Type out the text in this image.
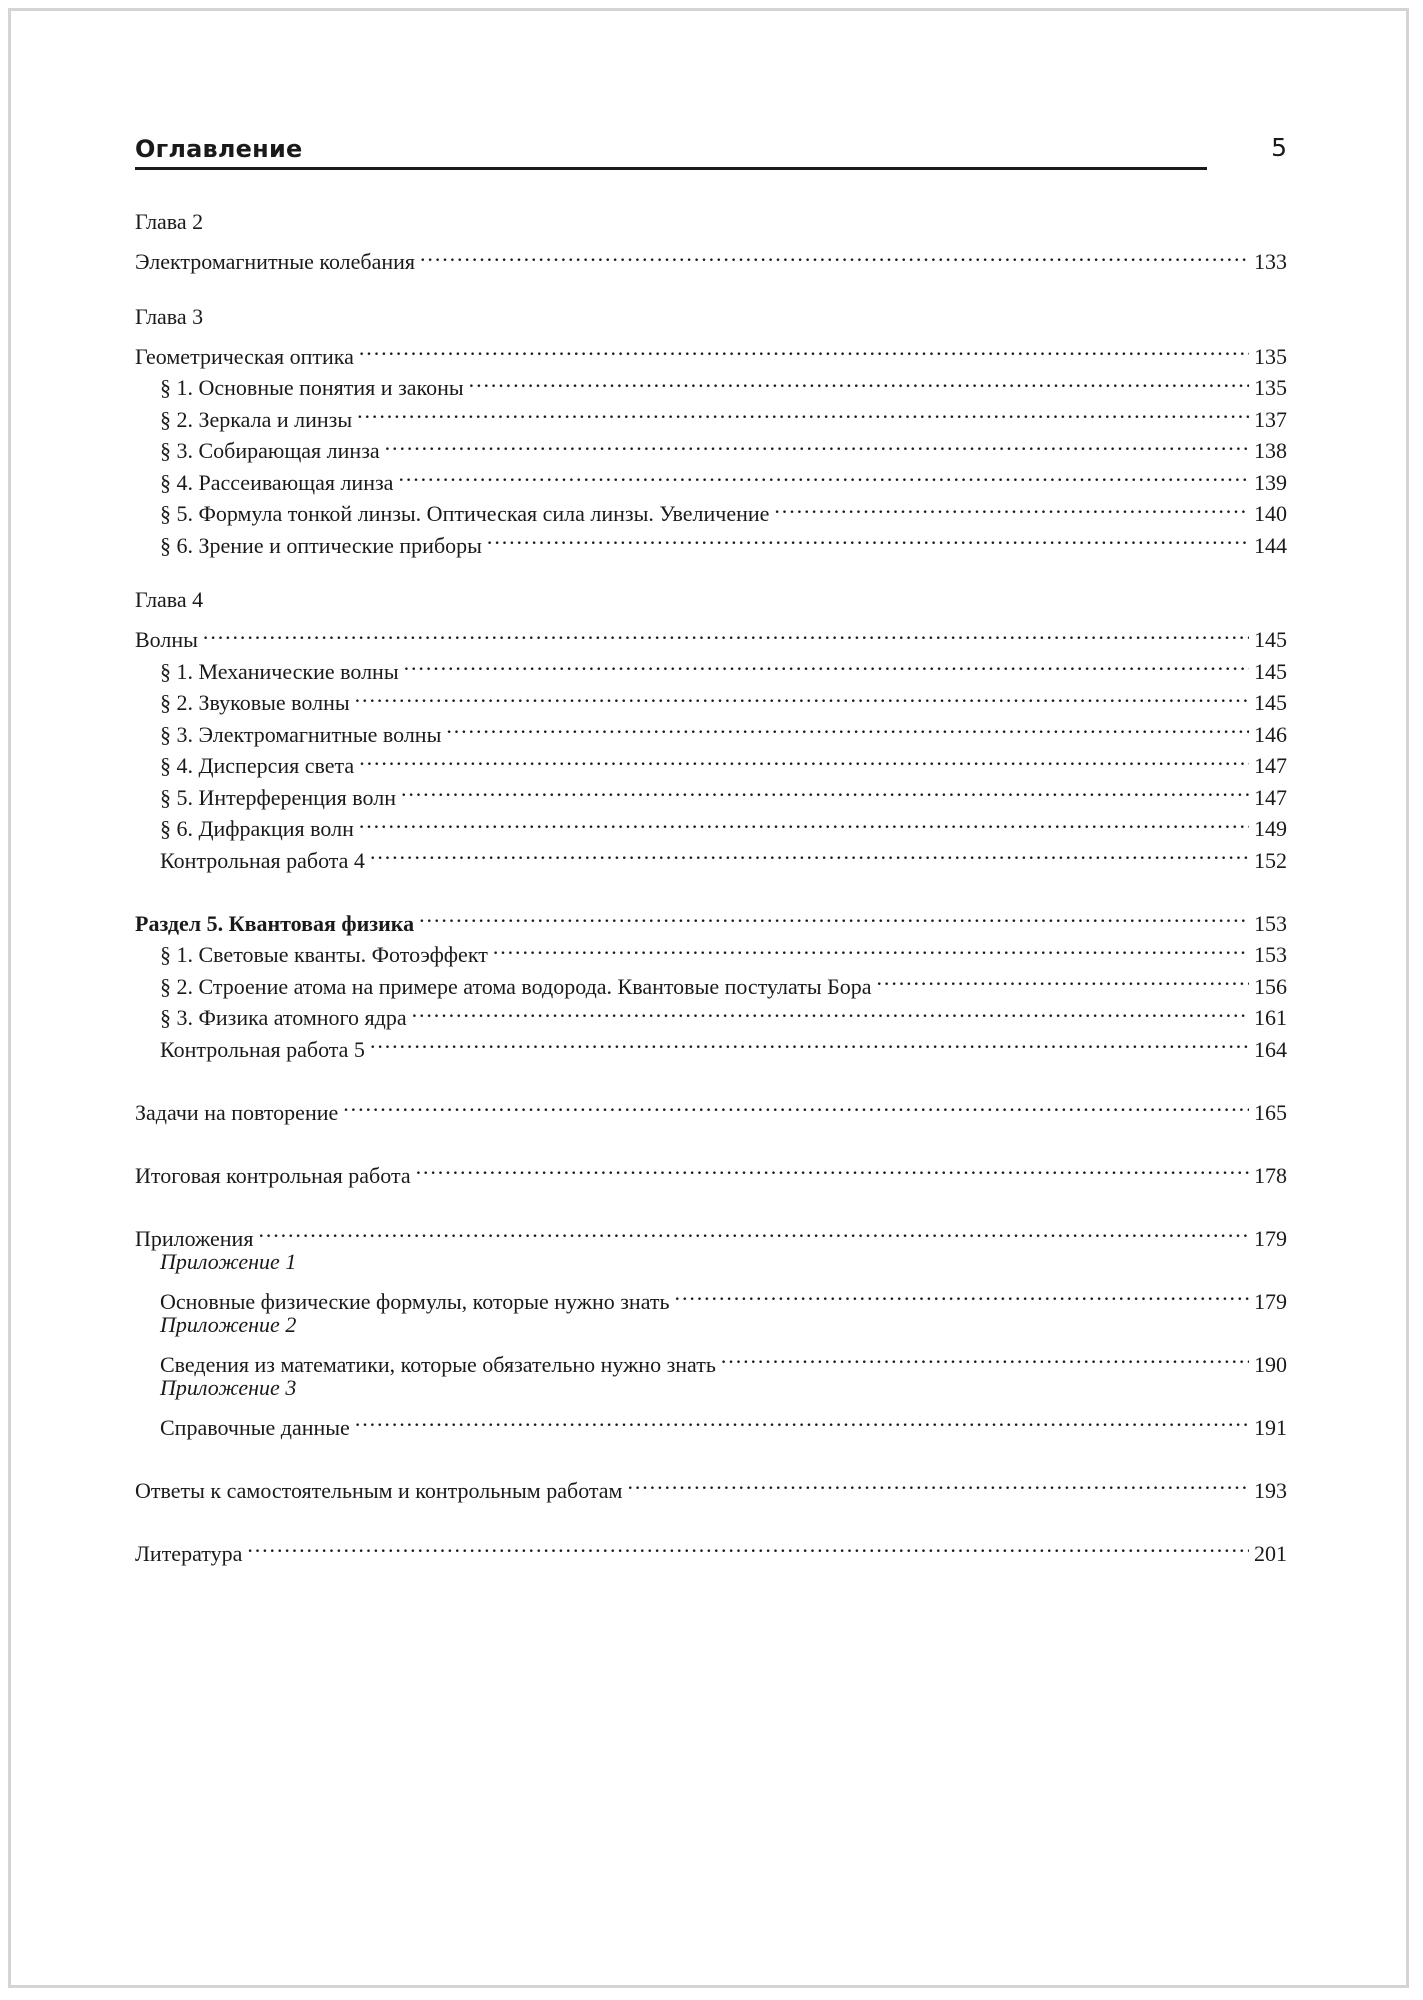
Оглавление	5
Глава 2
Электромагнитные колебания .....	133
Глава 3
Геометрическая оптика .....	135
§ 1. Основные понятия и законы .....	135
§ 2. Зеркала и линзы .....	137
§ 3. Собирающая линза .....	138
§ 4. Рассеивающая линза .....	139
§ 5. Формула тонкой линзы. Оптическая сила линзы. Увеличение .....	140
§ 6. Зрение и оптические приборы .....	144
Глава 4
Волны .....	145
§ 1. Механические волны .....	145
§ 2. Звуковые волны .....	145
§ 3. Электромагнитные волны .....	146
§ 4. Дисперсия света .....	147
§ 5. Интерференция волн .....	147
§ 6. Дифракция волн .....	149
Контрольная работа 4 .....	152
Раздел 5. Квантовая физика .....	153
§ 1. Световые кванты. Фотоэффект .....	153
§ 2. Строение атома на примере атома водорода. Квантовые постулаты Бора .....	156
§ 3. Физика атомного ядра .....	161
Контрольная работа 5 .....	164
Задачи на повторение .....	165
Итоговая контрольная работа .....	178
Приложения .....	179
Приложение 1
Основные физические формулы, которые нужно знать .....	179
Приложение 2
Сведения из математики, которые обязательно нужно знать .....	190
Приложение 3
Справочные данные .....	191
Ответы к самостоятельным и контрольным работам .....	193
Литература .....	201
